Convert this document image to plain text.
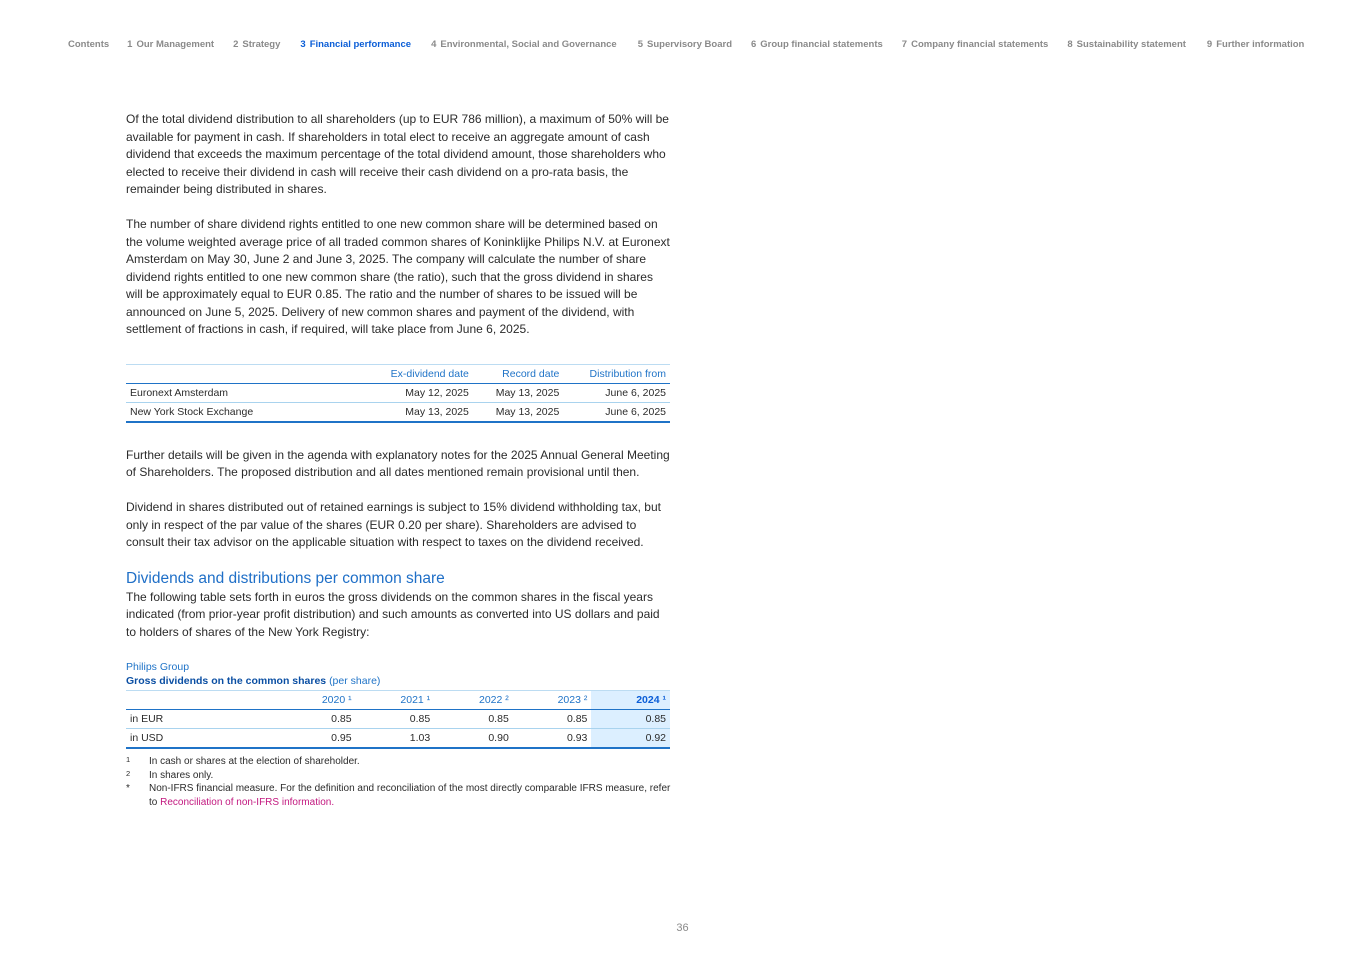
Contents 1 Our Management 2 Strategy 3 Financial performance 4 Environmental, Social and Governance 5 Supervisory Board 6 Group financial statements 7 Company financial statements 8 Sustainability statement 9 Further information

Of the total dividend distribution to all shareholders (up to EUR 786 million), a maximum of 50% will be available for payment in cash. If shareholders in total elect to receive an aggregate amount of cash dividend that exceeds the maximum percentage of the total dividend amount, those shareholders who elected to receive their dividend in cash will receive their cash dividend on a pro-rata basis, the remainder being distributed in shares.

The number of share dividend rights entitled to one new common share will be determined based on the volume weighted average price of all traded common shares of Koninklijke Philips N.V. at Euronext Amsterdam on May 30, June 2 and June 3, 2025. The company will calculate the number of share dividend rights entitled to one new common share (the ratio), such that the gross dividend in shares will be approximately equal to EUR 0.85. The ratio and the number of shares to be issued will be announced on June 5, 2025. Delivery of new common shares and payment of the dividend, with settlement of fractions in cash, if required, will take place from June 6, 2025.

	Ex-dividend date	Record date	Distribution from
Euronext Amsterdam	May 12, 2025	May 13, 2025	June 6, 2025
New York Stock Exchange	May 13, 2025	May 13, 2025	June 6, 2025

Further details will be given in the agenda with explanatory notes for the 2025 Annual General Meeting of Shareholders. The proposed distribution and all dates mentioned remain provisional until then.

Dividend in shares distributed out of retained earnings is subject to 15% dividend withholding tax, but only in respect of the par value of the shares (EUR 0.20 per share). Shareholders are advised to consult their tax advisor on the applicable situation with respect to taxes on the dividend received.

Dividends and distributions per common share

The following table sets forth in euros the gross dividends on the common shares in the fiscal years indicated (from prior-year profit distribution) and such amounts as converted into US dollars and paid to holders of shares of the New York Registry:

Philips Group
Gross dividends on the common shares (per share)
	2020 ¹	2021 ¹	2022 ²	2023 ²	2024 ¹
in EUR	0.85	0.85	0.85	0.85	0.85
in USD	0.95	1.03	0.90	0.93	0.92
1	In cash or shares at the election of shareholder.
2	In shares only.
*	Non-IFRS financial measure. For the definition and reconciliation of the most directly comparable IFRS measure, refer to Reconciliation of non-IFRS information.
36
